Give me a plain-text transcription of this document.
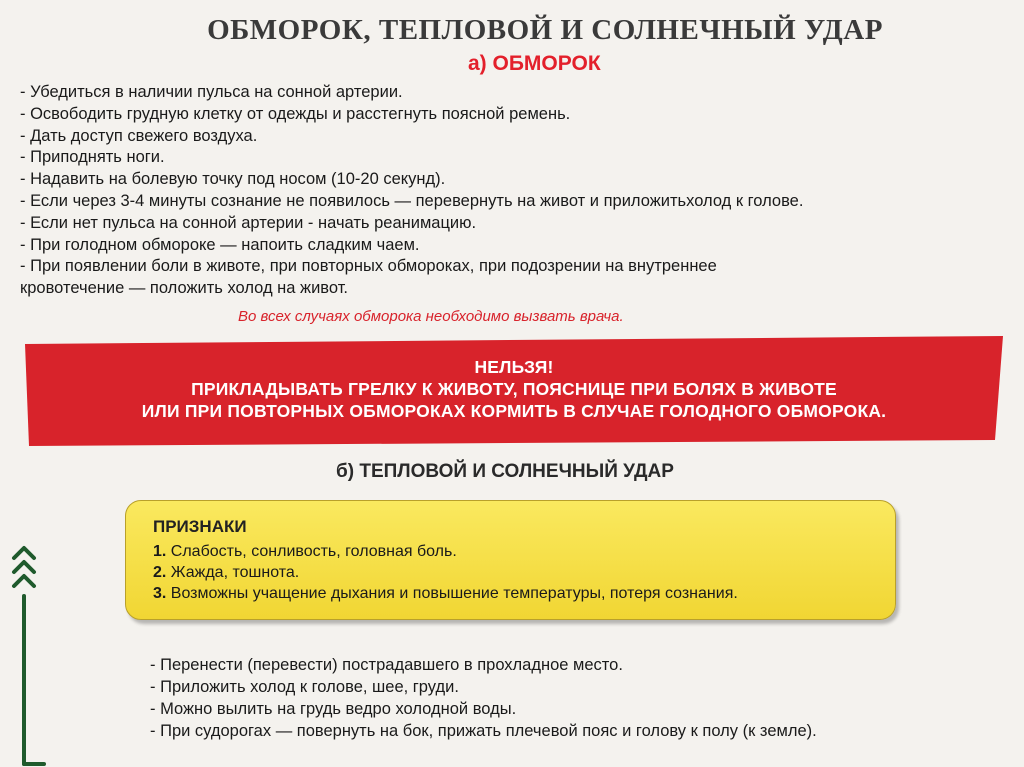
ОБМОРОК, ТЕПЛОВОЙ И СОЛНЕЧНЫЙ УДАР
а) ОБМОРОК
- Убедиться в наличии пульса на сонной артерии.
- Освободить грудную клетку от одежды и расстегнуть поясной ремень.
- Дать доступ свежего воздуха.
- Приподнять ноги.
- Надавить на болевую точку под носом (10-20 секунд).
- Если через 3-4 минуты сознание не появилось — перевернуть на живот и приложитьхолод к голове.
- Если нет пульса на сонной артерии - начать реанимацию.
- При голодном обмороке — напоить сладким чаем.
- При появлении боли в животе, при повторных обмороках, при подозрении на внутреннее
кровотечение — положить холод на живот.
Во всех случаях обморока необходимо вызвать врача.
НЕЛЬЗЯ!
ПРИКЛАДЫВАТЬ ГРЕЛКУ К ЖИВОТУ, ПОЯСНИЦЕ ПРИ БОЛЯХ В ЖИВОТЕ
ИЛИ ПРИ ПОВТОРНЫХ ОБМОРОКАХ КОРМИТЬ В СЛУЧАЕ ГОЛОДНОГО ОБМОРОКА.
б) ТЕПЛОВОЙ И СОЛНЕЧНЫЙ УДАР
ПРИЗНАКИ
1. Слабость, сонливость, головная боль.
2. Жажда, тошнота.
3. Возможны учащение дыхания и повышение температуры, потеря сознания.
- Перенести (перевести) пострадавшего в прохладное место.
- Приложить холод к голове, шее, груди.
- Можно вылить на грудь ведро холодной воды.
- При судорогах — повернуть на бок, прижать плечевой пояс и голову к полу (к земле).
